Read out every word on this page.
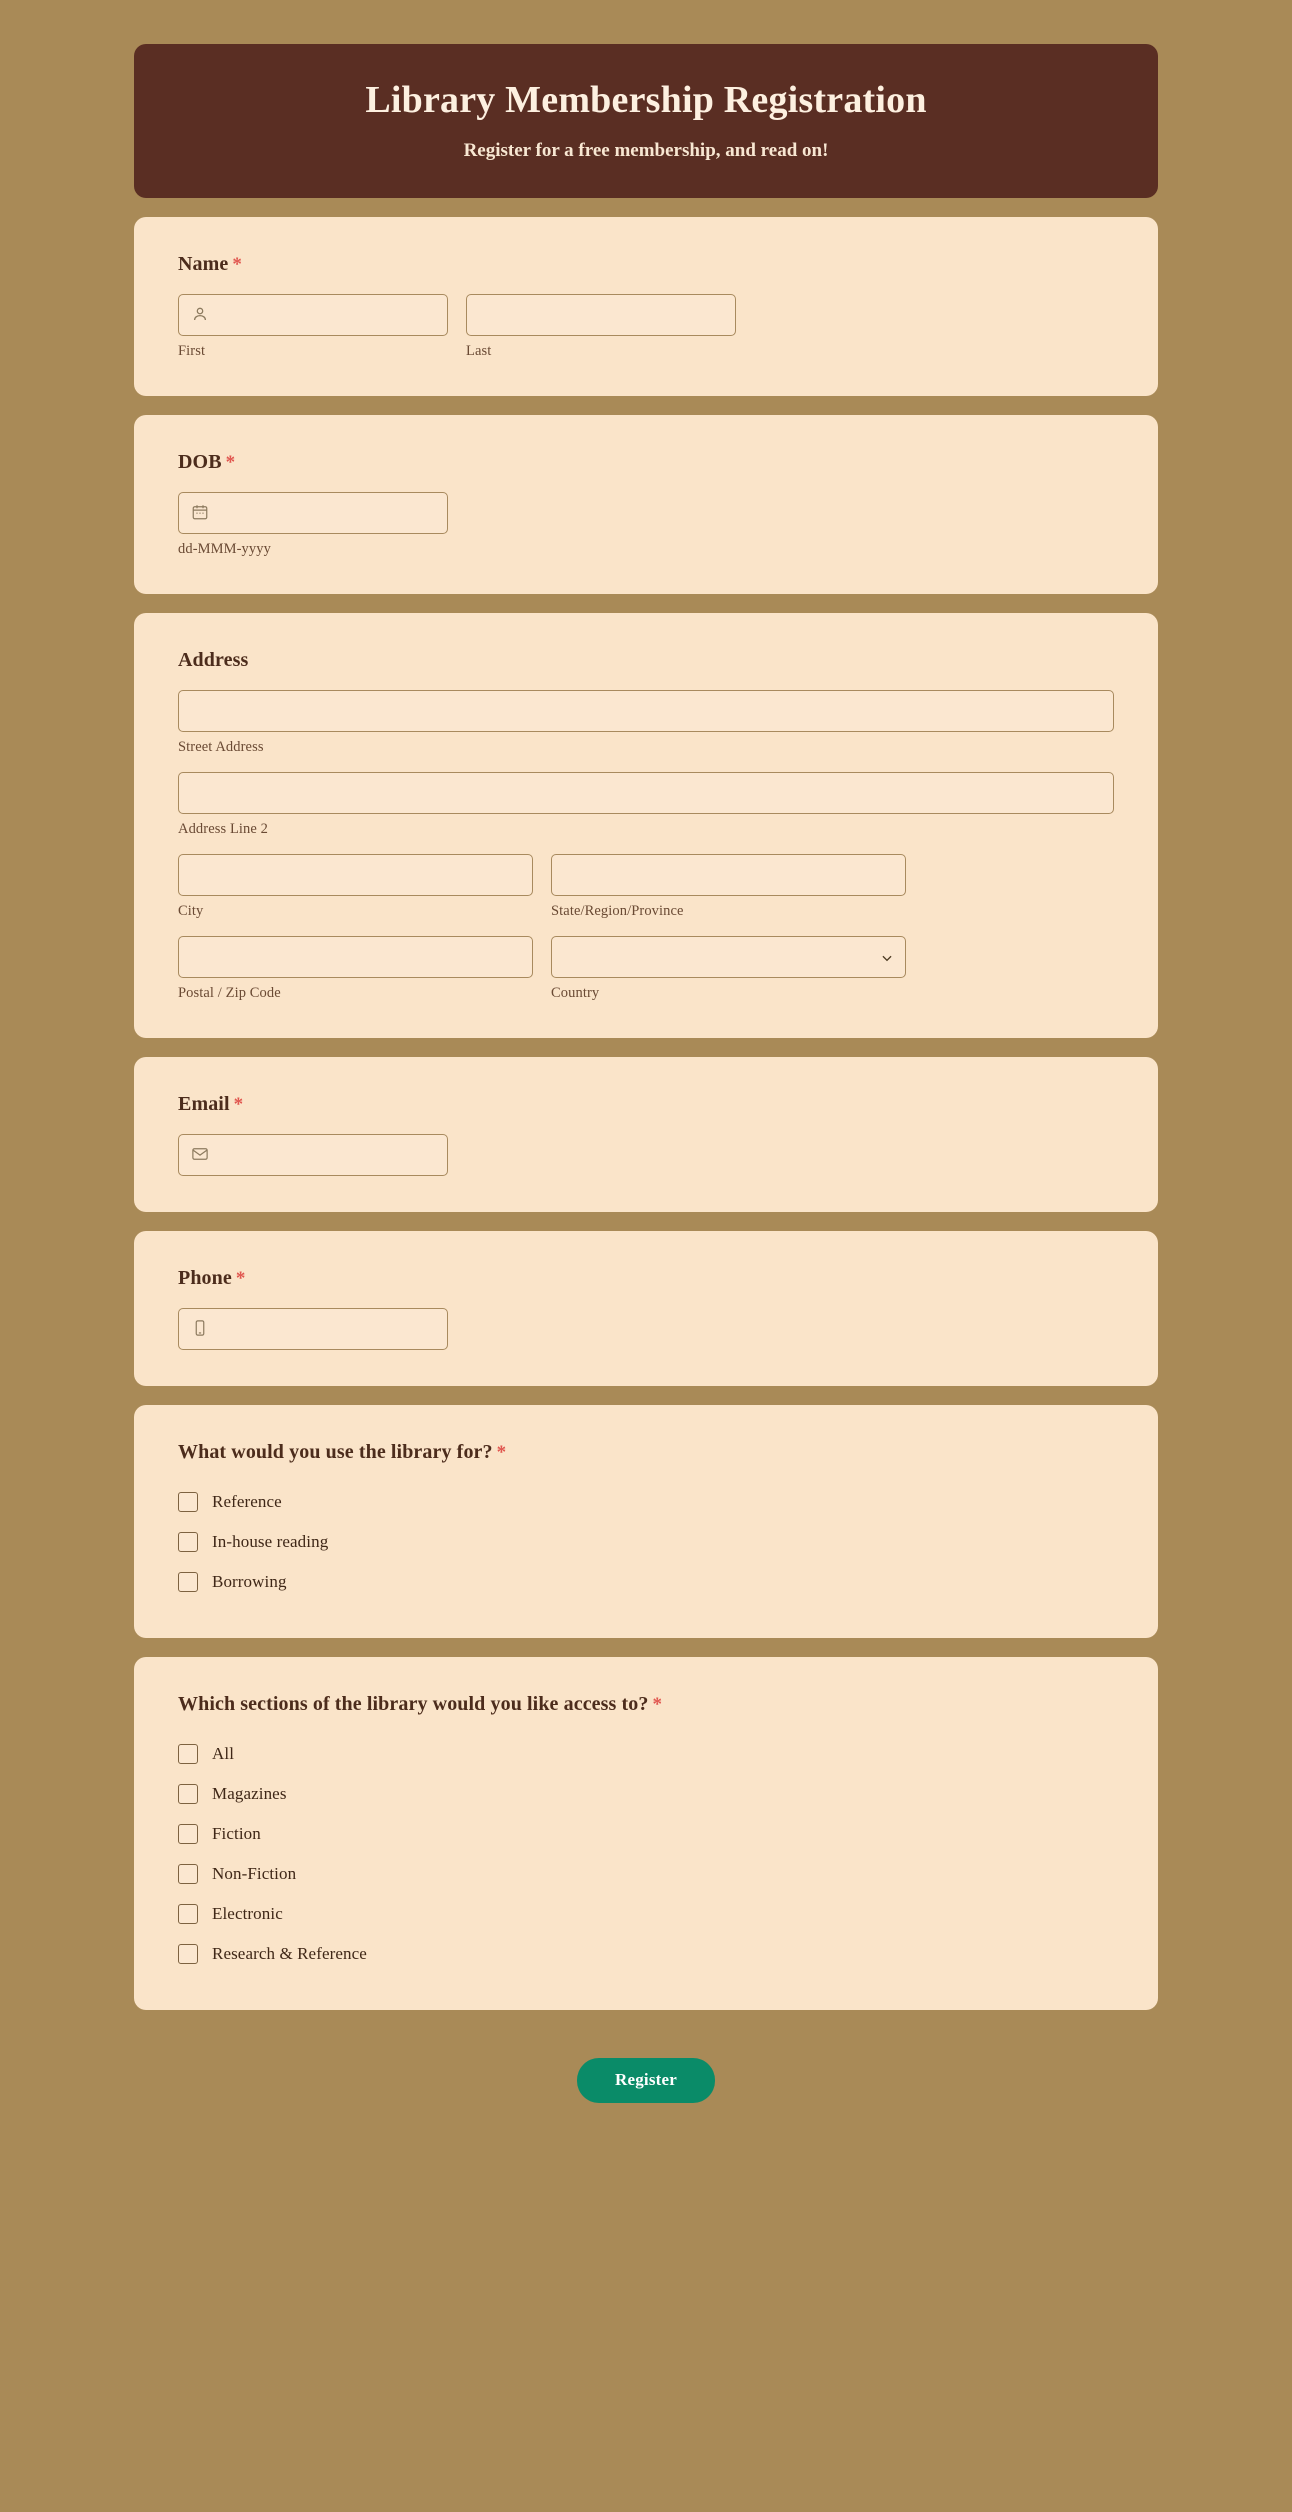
Library Membership Registration

Register for a free membership, and read on!

Name *
First	Last
DOB *
dd-MMM-yyyy
Address
Street Address
Address Line 2
City	State/Region/Province
Postal / Zip Code	Country
Email *
Phone *
What would you use the library for? *
Reference
In-house reading
Borrowing
Which sections of the library would you like access to? *
All
Magazines
Fiction
Non-Fiction
Electronic
Research & Reference
Register
